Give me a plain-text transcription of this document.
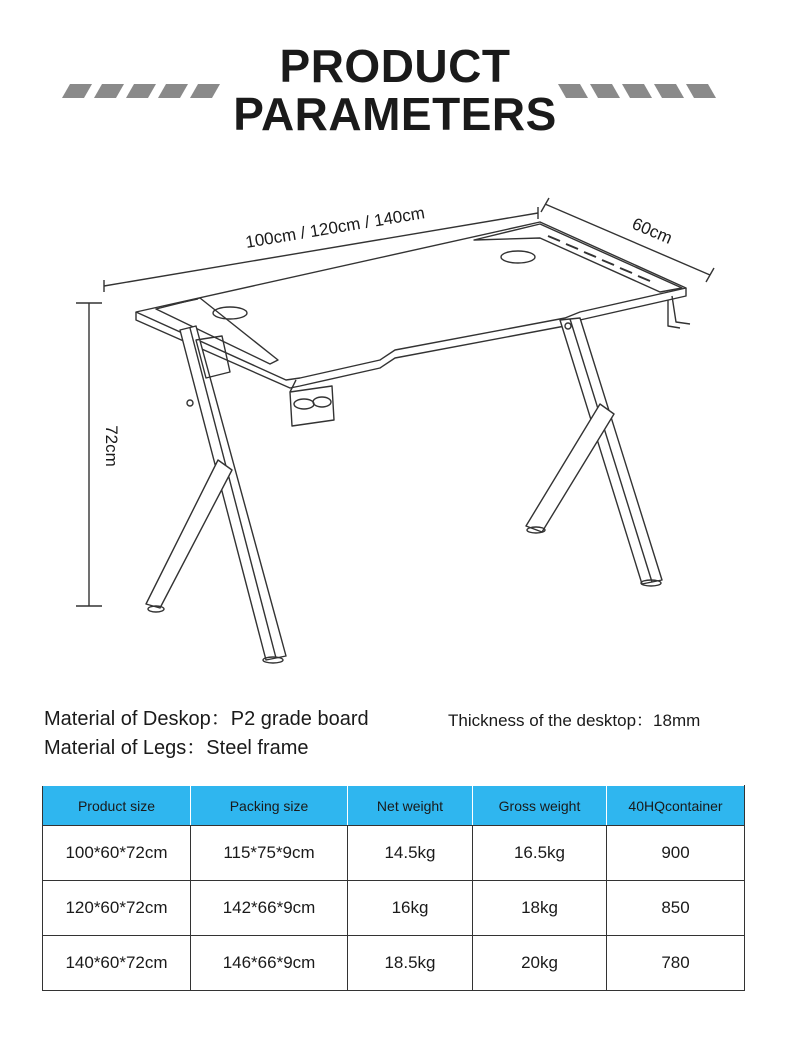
PRODUCT
PARAMETERS
100cm / 120cm / 140cm	60cm
72cm
Material of Deskop：P2 grade board
Material of Legs：Steel frame
Thickness of the desktop：18mm
Product size	Packing size	Net weight	Gross weight	40HQcontainer
100*60*72cm	115*75*9cm	14.5kg	16.5kg	900
120*60*72cm	142*66*9cm	16kg	18kg	850
140*60*72cm	146*66*9cm	18.5kg	20kg	780
